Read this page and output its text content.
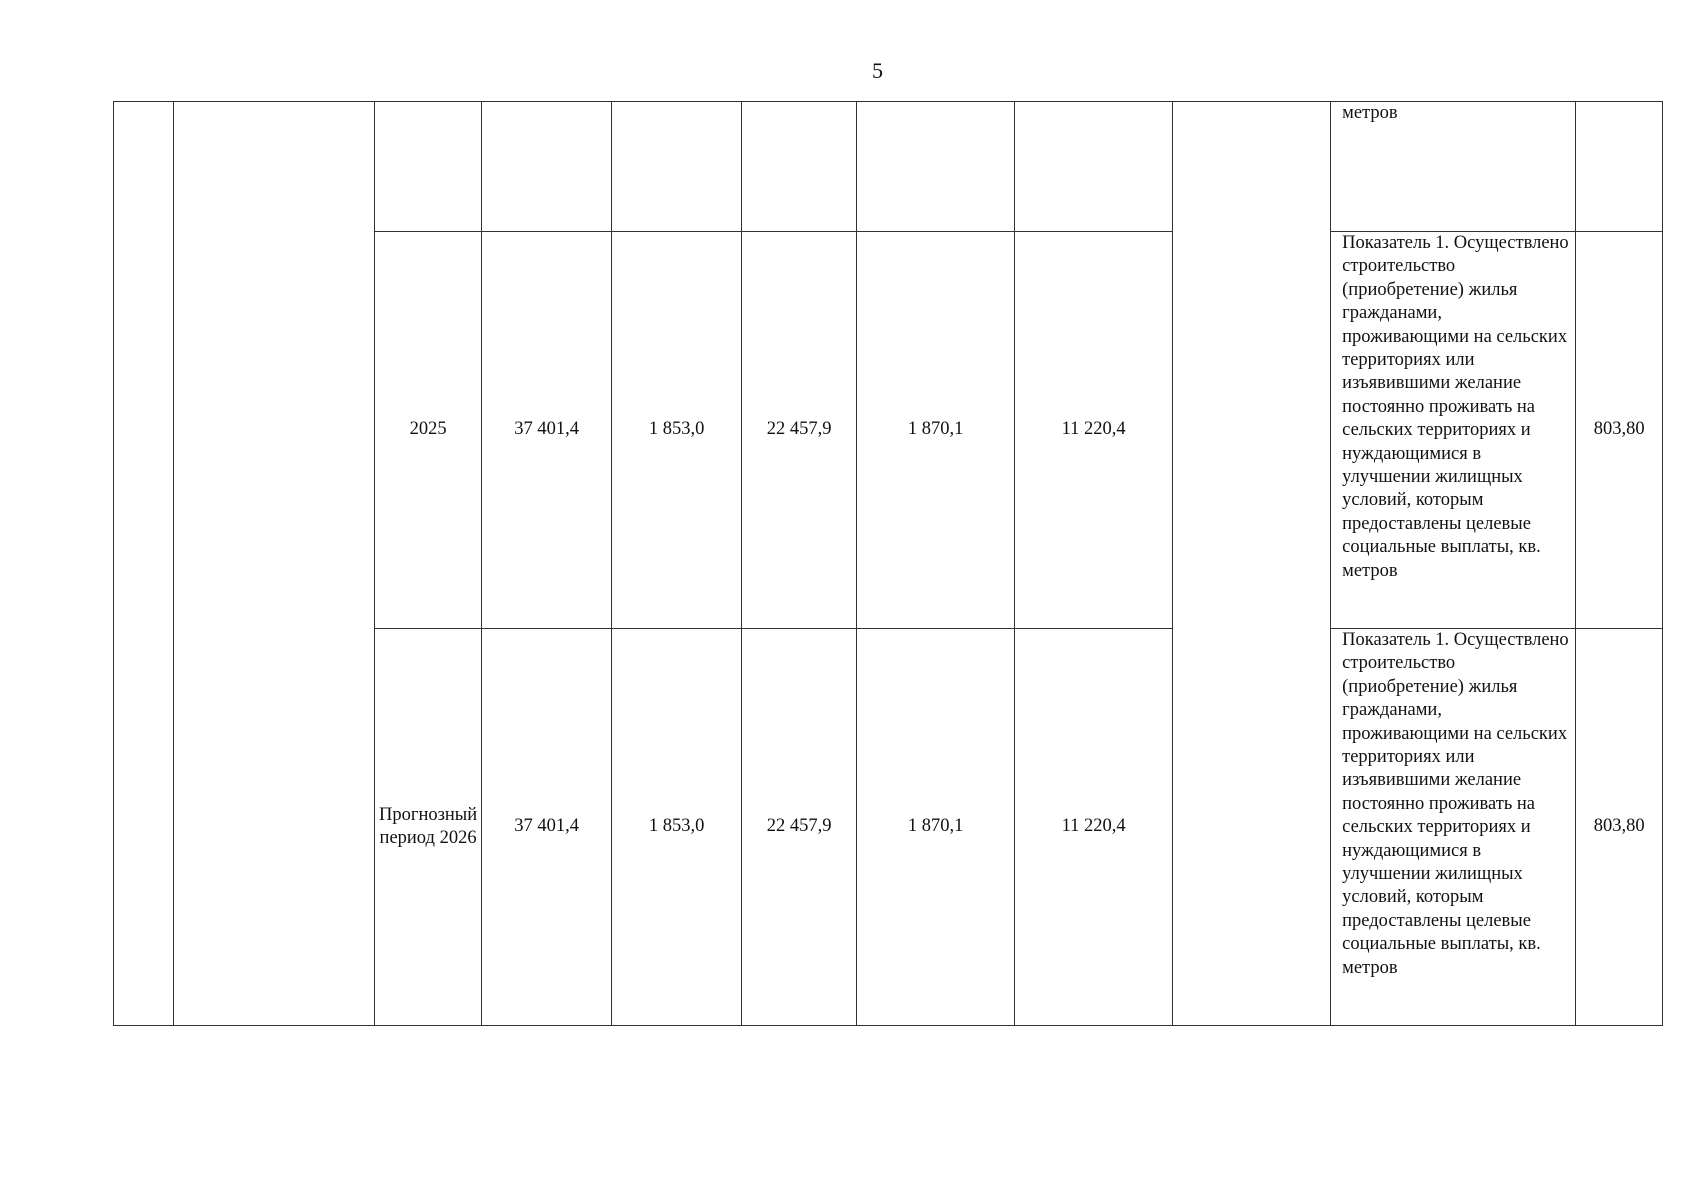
5
									метров	
		2025	37 401,4	1 853,0	22 457,9	1 870,1	11 220,4		Показатель 1. Осуществлено строительство (приобретение) жилья гражданами, проживающими на сельских территориях или изъявившими желание постоянно проживать на сельских территориях и нуждающимися в улучшении жилищных условий, которым предоставлены целевые социальные выплаты, кв. метров	803,80
		Прогнозный период 2026	37 401,4	1 853,0	22 457,9	1 870,1	11 220,4		Показатель 1. Осуществлено строительство (приобретение) жилья гражданами, проживающими на сельских территориях или изъявившими желание постоянно проживать на сельских территориях и нуждающимися в улучшении жилищных условий, которым предоставлены целевые социальные выплаты, кв. метров	803,80
